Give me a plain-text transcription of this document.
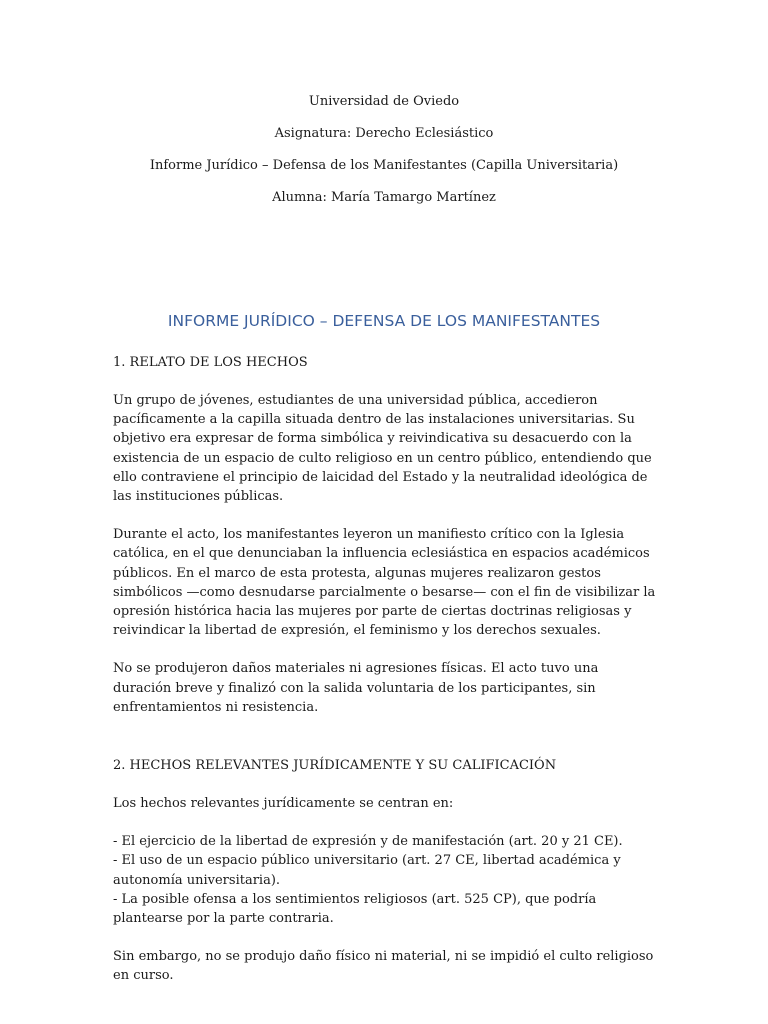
Universidad de Oviedo

Asignatura: Derecho Eclesiástico

Informe Jurídico – Defensa de los Manifestantes (Capilla Universitaria)

Alumna: María Tamargo Martínez

INFORME JURÍDICO – DEFENSA DE LOS MANIFESTANTES
1. RELATO DE LOS HECHOS

Un grupo de jóvenes, estudiantes de una universidad pública, accedieron pacíficamente a la capilla situada dentro de las instalaciones universitarias. Su objetivo era expresar de forma simbólica y reivindicativa su desacuerdo con la existencia de un espacio de culto religioso en un centro público, entendiendo que ello contraviene el principio de laicidad del Estado y la neutralidad ideológica de las instituciones públicas.

Durante el acto, los manifestantes leyeron un manifiesto crítico con la Iglesia católica, en el que denunciaban la influencia eclesiástica en espacios académicos públicos. En el marco de esta protesta, algunas mujeres realizaron gestos simbólicos —como desnudarse parcialmente o besarse— con el fin de visibilizar la opresión histórica hacia las mujeres por parte de ciertas doctrinas religiosas y reivindicar la libertad de expresión, el feminismo y los derechos sexuales.

No se produjeron daños materiales ni agresiones físicas. El acto tuvo una duración breve y finalizó con la salida voluntaria de los participantes, sin enfrentamientos ni resistencia.

2. HECHOS RELEVANTES JURÍDICAMENTE Y SU CALIFICACIÓN

Los hechos relevantes jurídicamente se centran en:

- El ejercicio de la libertad de expresión y de manifestación (art. 20 y 21 CE).
- El uso de un espacio público universitario (art. 27 CE, libertad académica y autonomía universitaria).
- La posible ofensa a los sentimientos religiosos (art. 525 CP), que podría plantearse por la parte contraria.

Sin embargo, no se produjo daño físico ni material, ni se impidió el culto religioso en curso.
